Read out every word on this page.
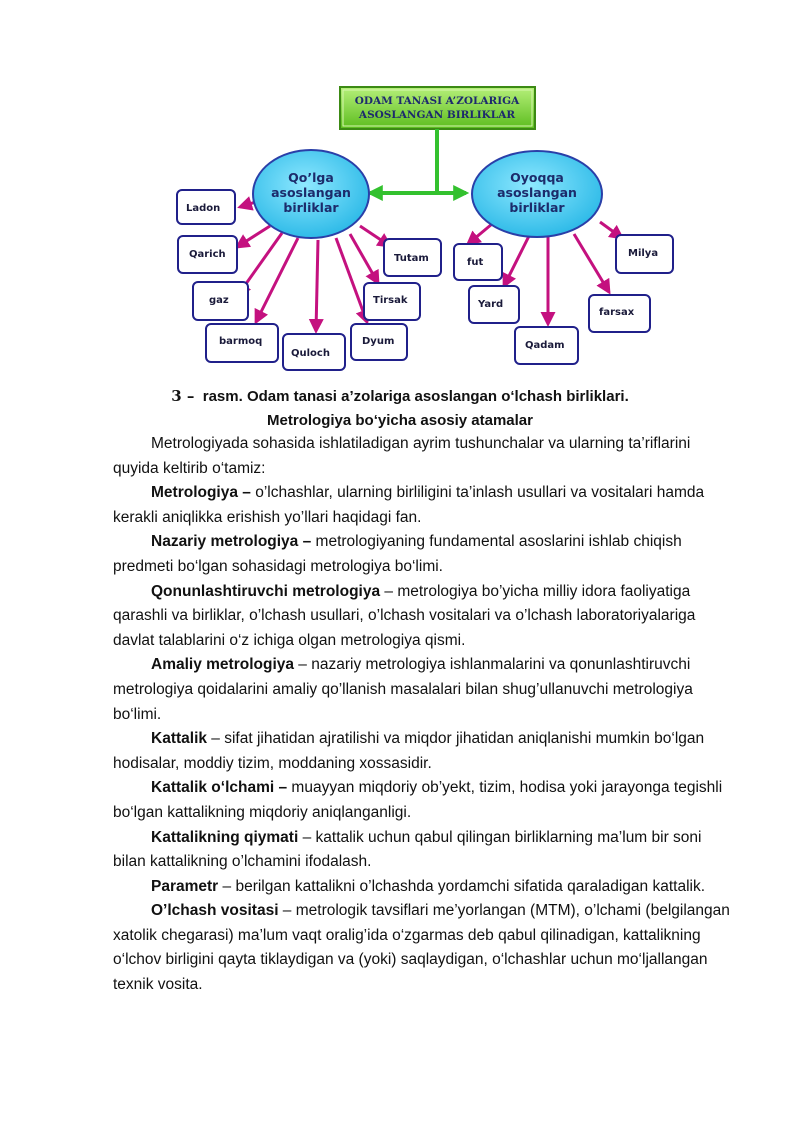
ODAM TANASI A’ZOLARIGA
ASOSLANGAN BIRLIKLAR
Qo’lga
asoslangan
birliklar
Oyoqqa
asoslangan
birliklar
Ladon
Qarich
gaz
barmoq
Quloch
Dyum
Tirsak
Tutam	fut
Yard
Qadam
farsax
Milya
3 – rasm. Odam tanasi a’zolariga asoslangan o‘lchash birliklari.
Metrologiya bo‘yicha asosiy atamalar

Metrologiyada sohasida ishlatiladigan ayrim tushunchalar va ularning ta’riflarini quyida keltirib o‘tamiz:

Metrologiya – o’lchashlar, ularning birliligini ta’inlash usullari va vositalari hamda kerakli aniqlikka erishish yo’llari haqidagi fan.

Nazariy metrologiya – metrologiyaning fundamental asoslarini ishlab chiqish predmeti bo‘lgan sohasidagi metrologiya bo‘limi.

Qonunlashtiruvchi metrologiya – metrologiya bo’yicha milliy idora faoliyatiga qarashli va birliklar, o’lchash usullari, o’lchash vositalari va o’lchash laboratoriyalariga davlat talablarini o‘z ichiga olgan metrologiya qismi.

Amaliy metrologiya – nazariy metrologiya ishlanmalarini va qonunlashtiruvchi metrologiya qoidalarini amaliy qo’llanish masalalari bilan shug’ullanuvchi metrologiya bo‘limi.

Kattalik – sifat jihatidan ajratilishi va miqdor jihatidan aniqlanishi mumkin bo‘lgan hodisalar, moddiy tizim, moddaning xossasidir.

Kattalik o‘lchami – muayyan miqdoriy ob’yekt, tizim, hodisa yoki jarayonga tegishli bo‘lgan kattalikning miqdoriy aniqlanganligi.

Kattalikning qiymati – kattalik uchun qabul qilingan birliklarning ma’lum bir soni bilan kattalikning o’lchamini ifodalash.

Parametr – berilgan kattalikni o’lchashda yordamchi sifatida qaraladigan kattalik.

O’lchash vositasi – metrologik tavsiflari me’yorlangan (MTM), o’lchami (belgilangan xatolik chegarasi) ma’lum vaqt oralig’ida o‘zgarmas deb qabul qilinadigan, kattalikning o‘lchov birligini qayta tiklaydigan va (yoki) saqlaydigan, o‘lchashlar uchun mo‘ljallangan texnik vosita.
